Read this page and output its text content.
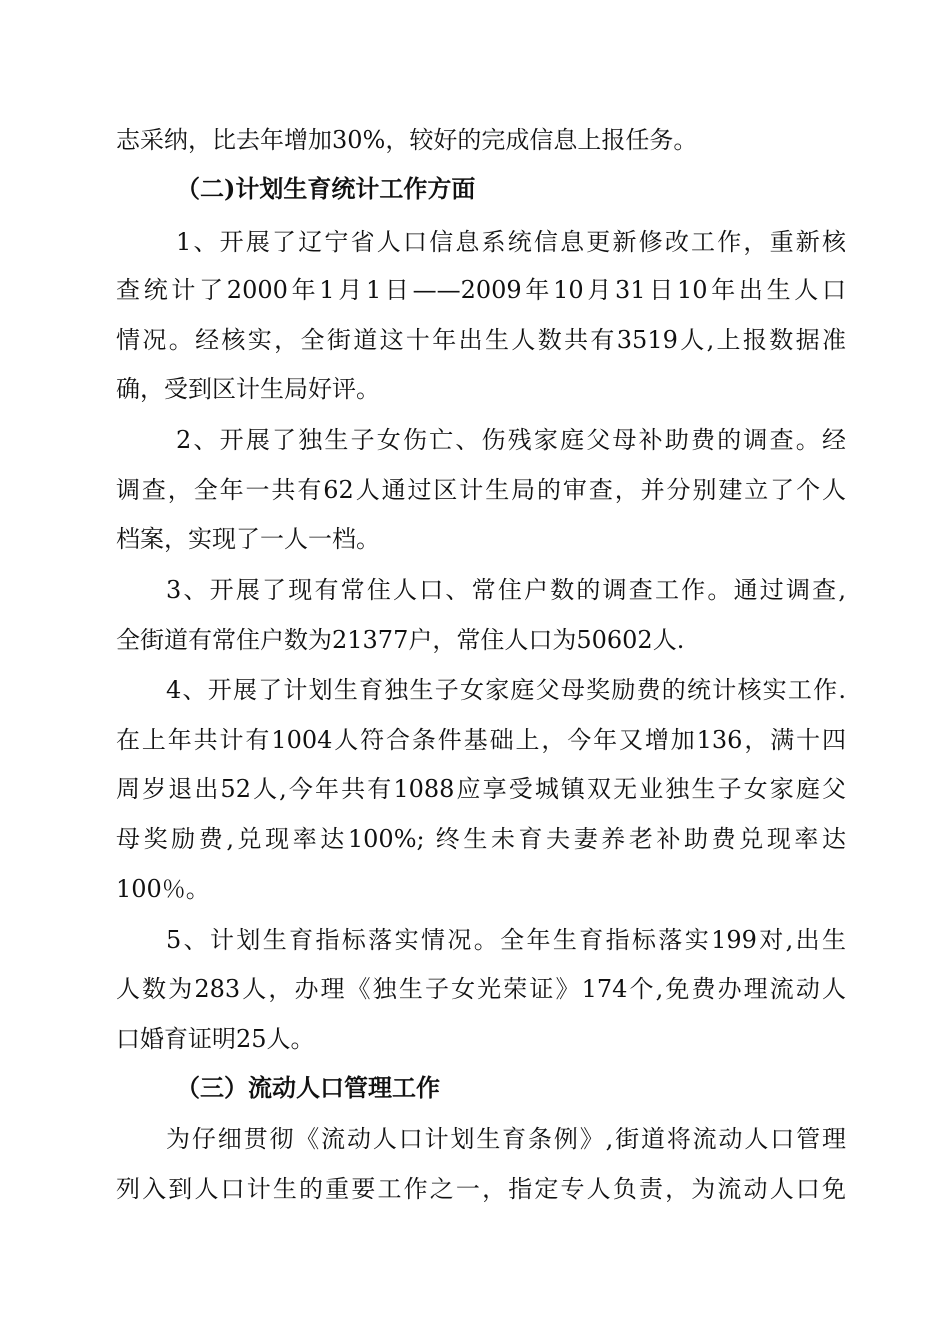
志采纳，比去年增加30%，较好的完成信息上报任务。
（二)计划生育统计工作方面
1、开展了辽宁省人口信息系统信息更新修改工作，重新核
查统计了2000年1月1日——2009年10月31日10年出生人口
情况。经核实，全街道这十年出生人数共有3519人,上报数据准
确，受到区计生局好评。
2、开展了独生子女伤亡、伤残家庭父母补助费的调查。经
调查，全年一共有62人通过区计生局的审查，并分别建立了个人
档案，实现了一人一档。
3、开展了现有常住人口、常住户数的调查工作。通过调查,
全街道有常住户数为21377户，常住人口为50602人.
4、开展了计划生育独生子女家庭父母奖励费的统计核实工作.
在上年共计有1004人符合条件基础上，今年又增加136，满十四
周岁退出52人,今年共有1088应享受城镇双无业独生子女家庭父
母奖励费,兑现率达100%; 终生未育夫妻养老补助费兑现率达
100％。
5、计划生育指标落实情况。全年生育指标落实199对,出生
人数为283人，办理《独生子女光荣证》174个,免费办理流动人
口婚育证明25人。
（三）流动人口管理工作
为仔细贯彻《流动人口计划生育条例》,街道将流动人口管理
列入到人口计生的重要工作之一，指定专人负责，为流动人口免
